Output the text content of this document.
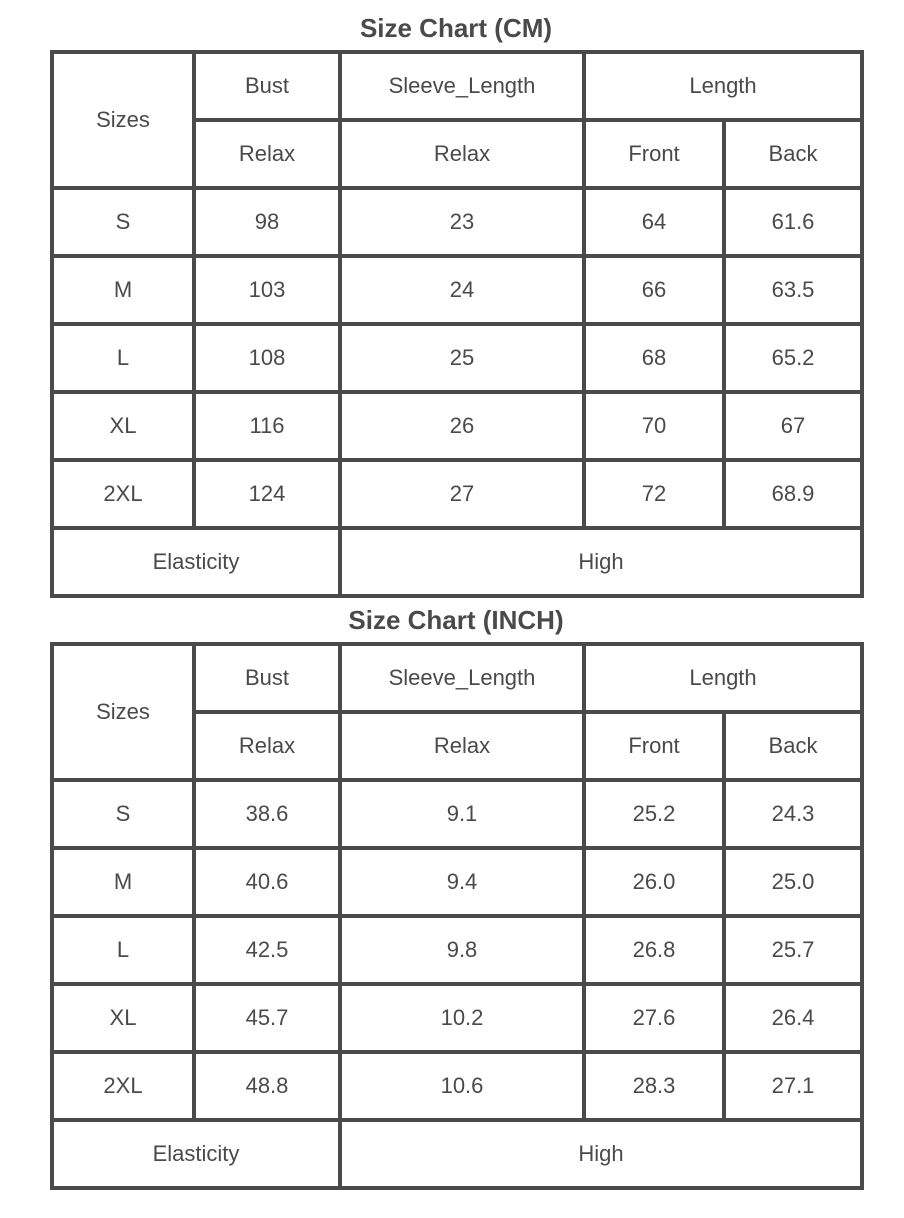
Size Chart (CM)
Sizes	Bust	Sleeve_Length	Length	
	Relax	Relax	Front	Back
S	98	23	64	61.6
M	103	24	66	63.5
L	108	25	68	65.2
XL	116	26	70	67
2XL	124	27	72	68.9
Elasticity		High		
Size Chart (INCH)
Sizes	Bust	Sleeve_Length	Length	
	Relax	Relax	Front	Back
S	38.6	9.1	25.2	24.3
M	40.6	9.4	26.0	25.0
L	42.5	9.8	26.8	25.7
XL	45.7	10.2	27.6	26.4
2XL	48.8	10.6	28.3	27.1
Elasticity		High		
